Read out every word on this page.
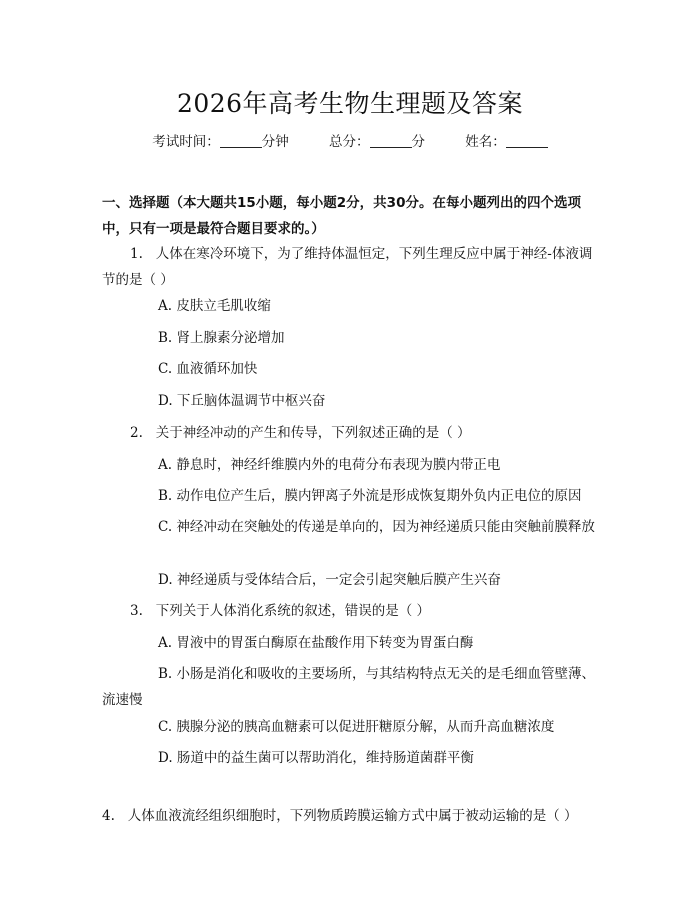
2026年高考生物生理题及答案
考试时间：	分钟	总分：	分	姓名：
一、选择题（本大题共15小题，每小题2分，共30分。在每小题列出的四个选项中，只有一项是最符合题目要求的。）
1. 人体在寒冷环境下，为了维持体温恒定，下列生理反应中属于神经-体液调节的是（ ）
A. 皮肤立毛肌收缩
B. 肾上腺素分泌增加
C. 血液循环加快
D. 下丘脑体温调节中枢兴奋
2. 关于神经冲动的产生和传导，下列叙述正确的是（ ）
A. 静息时，神经纤维膜内外的电荷分布表现为膜内带正电
B. 动作电位产生后，膜内钾离子外流是形成恢复期外负内正电位的原因
C. 神经冲动在突触处的传递是单向的，因为神经递质只能由突触前膜释放
D. 神经递质与受体结合后，一定会引起突触后膜产生兴奋
3. 下列关于人体消化系统的叙述，错误的是（ ）
A. 胃液中的胃蛋白酶原在盐酸作用下转变为胃蛋白酶
B. 小肠是消化和吸收的主要场所，与其结构特点无关的是毛细血管壁薄、流速慢
C. 胰腺分泌的胰高血糖素可以促进肝糖原分解，从而升高血糖浓度
D. 肠道中的益生菌可以帮助消化，维持肠道菌群平衡
4. 人体血液流经组织细胞时，下列物质跨膜运输方式中属于被动运输的是（ ）
